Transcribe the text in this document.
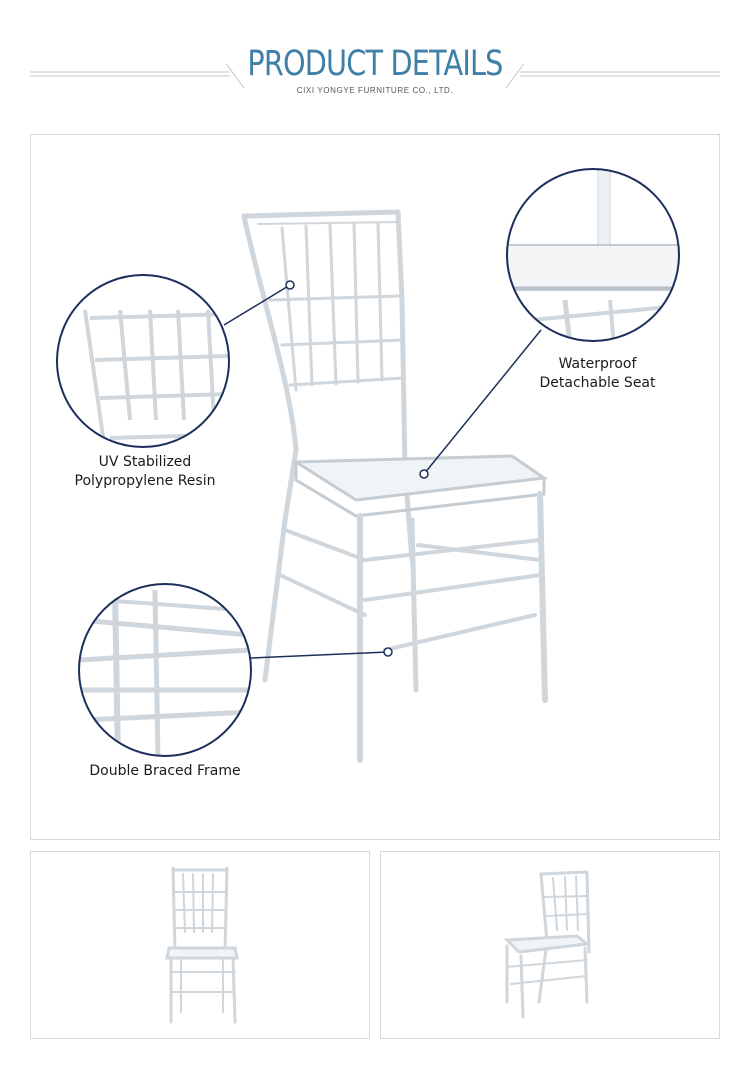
PRODUCT DETAILS
CIXI YONGYE FURNITURE CO., LTD.
UV Stabilized
Polypropylene Resin
Waterproof
Detachable Seat
Double Braced Frame
